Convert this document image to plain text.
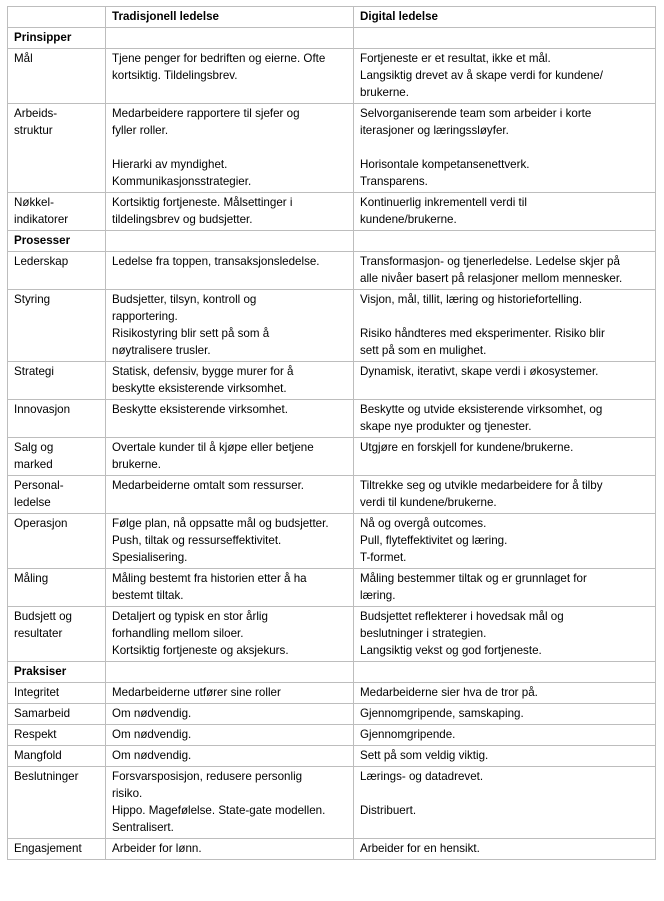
	Tradisjonell ledelse	Digital ledelse
Prinsipper		

Mål	Tjene penger for bedriften og eierne. Ofte
kortsiktig. Tildelingsbrev.	Fortjeneste er et resultat, ikke et mål.
Langsiktig drevet av å skape verdi for kundene/
brukerne.

Arbeids-
struktur	Medarbeidere rapportere til sjefer og
fyller roller.
Hierarki av myndighet.
Kommunikasjonsstrategier.	Selvorganiserende team som arbeider i korte
iterasjoner og læringssløyfer.
Horisontale kompetansenettverk.
Transparens.

Nøkkel-
indikatorer	Kortsiktig fortjeneste. Målsettinger i
tildelingsbrev og budsjetter.	Kontinuerlig inkrementell verdi til
kundene/brukerne.

Prosesser		

Lederskap	Ledelse fra toppen, transaksjonsledelse.	Transformasjon- og tjenerledelse. Ledelse skjer på
alle nivåer basert på relasjoner mellom mennesker.

Styring	Budsjetter, tilsyn, kontroll og
rapportering.
Risikostyring blir sett på som å
nøytralisere trusler.	Visjon, mål, tillit, læring og historiefortelling.
Risiko håndteres med eksperimenter. Risiko blir
sett på som en mulighet.

Strategi	Statisk, defensiv, bygge murer for å
beskytte eksisterende virksomhet.	Dynamisk, iterativt, skape verdi i økosystemer.

Innovasjon	Beskytte eksisterende virksomhet.	Beskytte og utvide eksisterende virksomhet, og
skape nye produkter og tjenester.

Salg og
marked	Overtale kunder til å kjøpe eller betjene
brukerne.	Utgjøre en forskjell for kundene/brukerne.

Personal-
ledelse	Medarbeiderne omtalt som ressurser.	Tiltrekke seg og utvikle medarbeidere for å tilby
verdi til kundene/brukerne.

Operasjon	Følge plan, nå oppsatte mål og budsjetter.
Push, tiltak og ressurseffektivitet.
Spesialisering.	Nå og overgå outcomes.
Pull, flyteffektivitet og læring.
T-formet.

Måling	Måling bestemt fra historien etter å ha
bestemt tiltak.	Måling bestemmer tiltak og er grunnlaget for
læring.

Budsjett og
resultater	Detaljert og typisk en stor årlig
forhandling mellom siloer.
Kortsiktig fortjeneste og aksjekurs.	Budsjettet reflekterer i hovedsak mål og
beslutninger i strategien.
Langsiktig vekst og god fortjeneste.

Praksiser		

Integritet	Medarbeiderne utfører sine roller	Medarbeiderne sier hva de tror på.

Samarbeid	Om nødvendig.	Gjennomgripende, samskaping.

Respekt	Om nødvendig.	Gjennomgripende.

Mangfold	Om nødvendig.	Sett på som veldig viktig.

Beslutninger	Forsvarsposisjon, redusere personlig
risiko.
Hippo. Magefølelse. State-gate modellen.
Sentralisert.	Lærings- og datadrevet.
Distribuert.

Engasjement	Arbeider for lønn.	Arbeider for en hensikt.
